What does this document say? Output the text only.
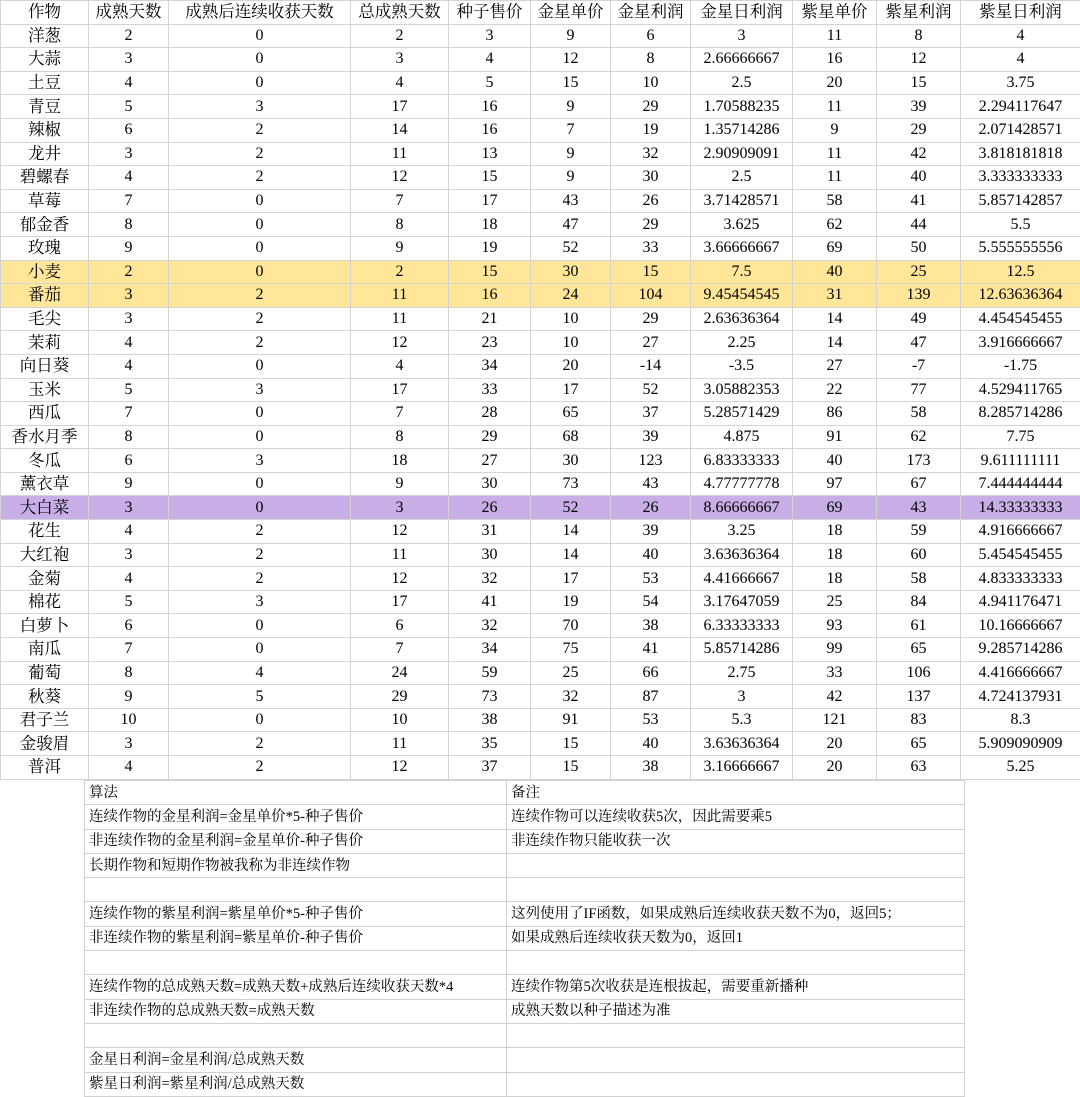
作物	成熟天数	成熟后连续收获天数	总成熟天数	种子售价	金星单价	金星利润	金星日利润	紫星单价	紫星利润	紫星日利润
洋葱	2	0	2	3	9	6	3	11	8	4
大蒜	3	0	3	4	12	8	2.66666667	16	12	4
土豆	4	0	4	5	15	10	2.5	20	15	3.75
青豆	5	3	17	16	9	29	1.70588235	11	39	2.294117647
辣椒	6	2	14	16	7	19	1.35714286	9	29	2.071428571
龙井	3	2	11	13	9	32	2.90909091	11	42	3.818181818
碧螺春	4	2	12	15	9	30	2.5	11	40	3.333333333
草莓	7	0	7	17	43	26	3.71428571	58	41	5.857142857
郁金香	8	0	8	18	47	29	3.625	62	44	5.5
玫瑰	9	0	9	19	52	33	3.66666667	69	50	5.555555556
小麦	2	0	2	15	30	15	7.5	40	25	12.5
番茄	3	2	11	16	24	104	9.45454545	31	139	12.63636364
毛尖	3	2	11	21	10	29	2.63636364	14	49	4.454545455
茉莉	4	2	12	23	10	27	2.25	14	47	3.916666667
向日葵	4	0	4	34	20	-14	-3.5	27	-7	-1.75
玉米	5	3	17	33	17	52	3.05882353	22	77	4.529411765
西瓜	7	0	7	28	65	37	5.28571429	86	58	8.285714286
香水月季	8	0	8	29	68	39	4.875	91	62	7.75
冬瓜	6	3	18	27	30	123	6.83333333	40	173	9.611111111
薰衣草	9	0	9	30	73	43	4.77777778	97	67	7.444444444
大白菜	3	0	3	26	52	26	8.66666667	69	43	14.33333333
花生	4	2	12	31	14	39	3.25	18	59	4.916666667
大红袍	3	2	11	30	14	40	3.63636364	18	60	5.454545455
金菊	4	2	12	32	17	53	4.41666667	18	58	4.833333333
棉花	5	3	17	41	19	54	3.17647059	25	84	4.941176471
白萝卜	6	0	6	32	70	38	6.33333333	93	61	10.16666667
南瓜	7	0	7	34	75	41	5.85714286	99	65	9.285714286
葡萄	8	4	24	59	25	66	2.75	33	106	4.416666667
秋葵	9	5	29	73	32	87	3	42	137	4.724137931
君子兰	10	0	10	38	91	53	5.3	121	83	8.3
金骏眉	3	2	11	35	15	40	3.63636364	20	65	5.909090909
普洱	4	2	12	37	15	38	3.16666667	20	63	5.25
算法	备注
连续作物的金星利润=金星单价*5-种子售价	连续作物可以连续收获5次，因此需要乘5
非连续作物的金星利润=金星单价-种子售价	非连续作物只能收获一次
长期作物和短期作物被我称为非连续作物	

连续作物的紫星利润=紫星单价*5-种子售价	这列使用了IF函数，如果成熟后连续收获天数不为0，返回5；
非连续作物的紫星利润=紫星单价-种子售价	如果成熟后连续收获天数为0，返回1

连续作物的总成熟天数=成熟天数+成熟后连续收获天数*4	连续作物第5次收获是连根拔起，需要重新播种
非连续作物的总成熟天数=成熟天数	成熟天数以种子描述为准

金星日利润=金星利润/总成熟天数	
紫星日利润=紫星利润/总成熟天数	
